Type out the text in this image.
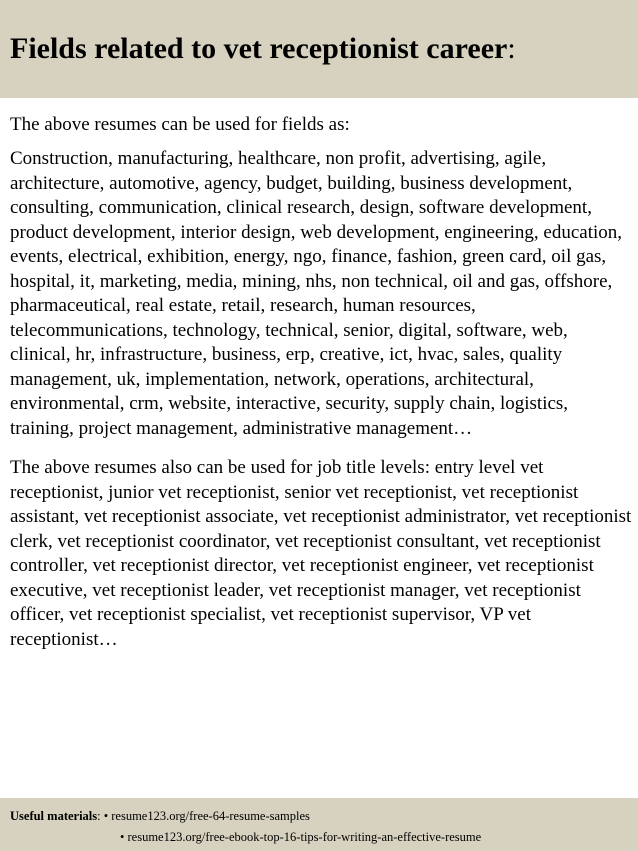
Fields related to vet receptionist career:

The above resumes can be used for fields as:

Construction, manufacturing, healthcare, non profit, advertising, agile, architecture, automotive, agency, budget, building, business development, consulting, communication, clinical research, design, software development, product development, interior design, web development, engineering, education, events, electrical, exhibition, energy, ngo, finance, fashion, green card, oil gas, hospital, it, marketing, media, mining, nhs, non technical, oil and gas, offshore, pharmaceutical, real estate, retail, research, human resources, telecommunications, technology, technical, senior, digital, software, web, clinical, hr, infrastructure, business, erp, creative, ict, hvac, sales, quality management, uk, implementation, network, operations, architectural, environmental, crm, website, interactive, security, supply chain, logistics, training, project management, administrative management…

The above resumes also can be used for job title levels: entry level vet receptionist, junior vet receptionist, senior vet receptionist, vet receptionist assistant, vet receptionist associate, vet receptionist administrator, vet receptionist clerk, vet receptionist coordinator, vet receptionist consultant, vet receptionist controller, vet receptionist director, vet receptionist engineer, vet receptionist executive, vet receptionist leader, vet receptionist manager, vet receptionist officer, vet receptionist specialist, vet receptionist supervisor, VP vet receptionist…

Useful materials: • resume123.org/free-64-resume-samples
• resume123.org/free-ebook-top-16-tips-for-writing-an-effective-resume
